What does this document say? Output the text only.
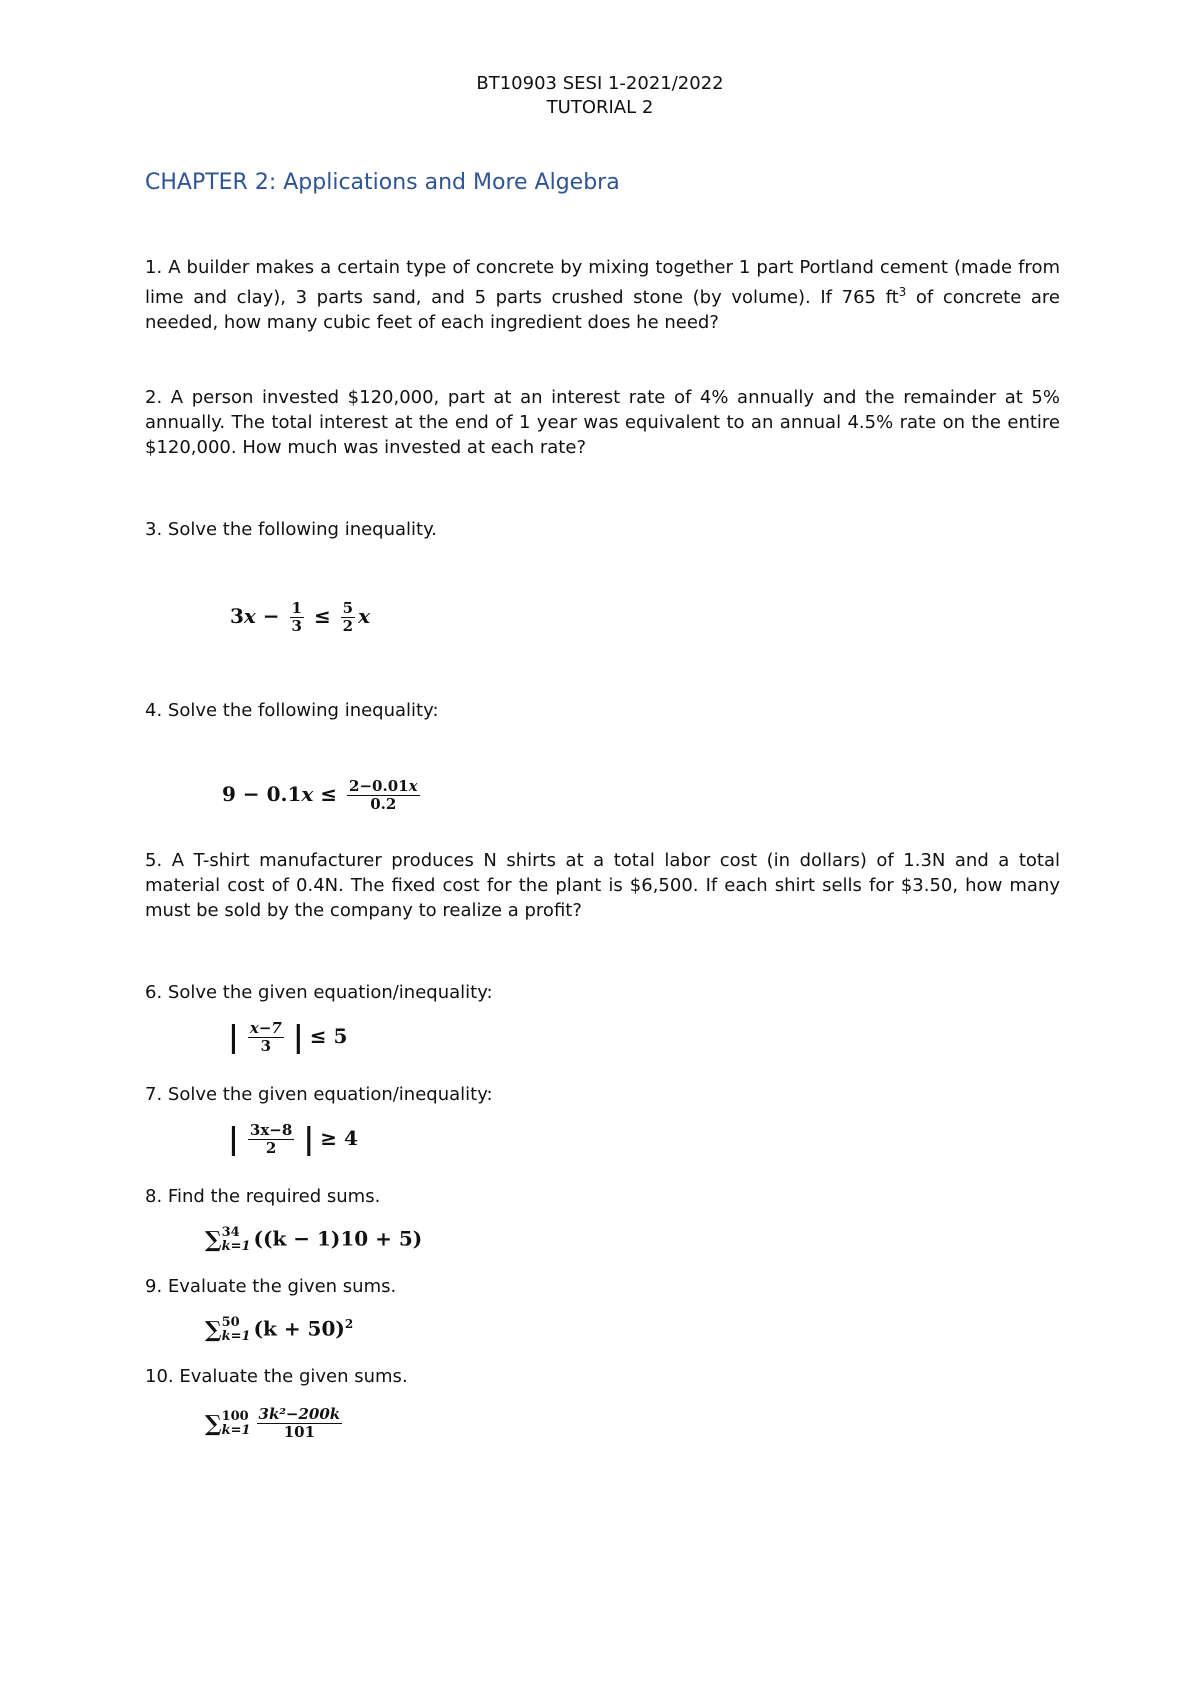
BT10903 SESI 1-2021/2022
TUTORIAL 2
CHAPTER 2: Applications and More Algebra
1. A builder makes a certain type of concrete by mixing together 1 part Portland cement (made from lime and clay), 3 parts sand, and 5 parts crushed stone (by volume). If 765 $ft^3$ of concrete are needed, how many cubic feet of each ingredient does he need?
2. A person invested $120,000, part at an interest rate of 4% annually and the remainder at 5% annually. The total interest at the end of 1 year was equivalent to an annual 4.5% rate on the entire $120,000. How much was invested at each rate?
3. Solve the following inequality.
$3x - \frac{1}{3} \le \frac{5}{2}$ x
4. Solve the following inequality:
$9 - 0.1x \le \frac{2-0.01x}{0.2}$
5. A T-shirt manufacturer produces N shirts at a total labor cost (in dollars) of 1.3N and a total material cost of 0.4N. The fixed cost for the plant is $6,500. If each shirt sells for $3.50, how many must be sold by the company to realize a profit?
6. Solve the given equation/inequality:
| $\frac{x-7}{3}$ | ≤ 5
7. Solve the given equation/inequality:
| $\frac{3x-8}{2}$ | ≥ 4
8. Find the required sums.
∑ 34
k=1 ((k − 1)10 + 5)
9. Evaluate the given sums.
∑ 50
k=1 $(k + 50)^2$
10. Evaluate the given sums.
∑ 100
$k=1 \frac{\text{3k²−200k}}{101}$
